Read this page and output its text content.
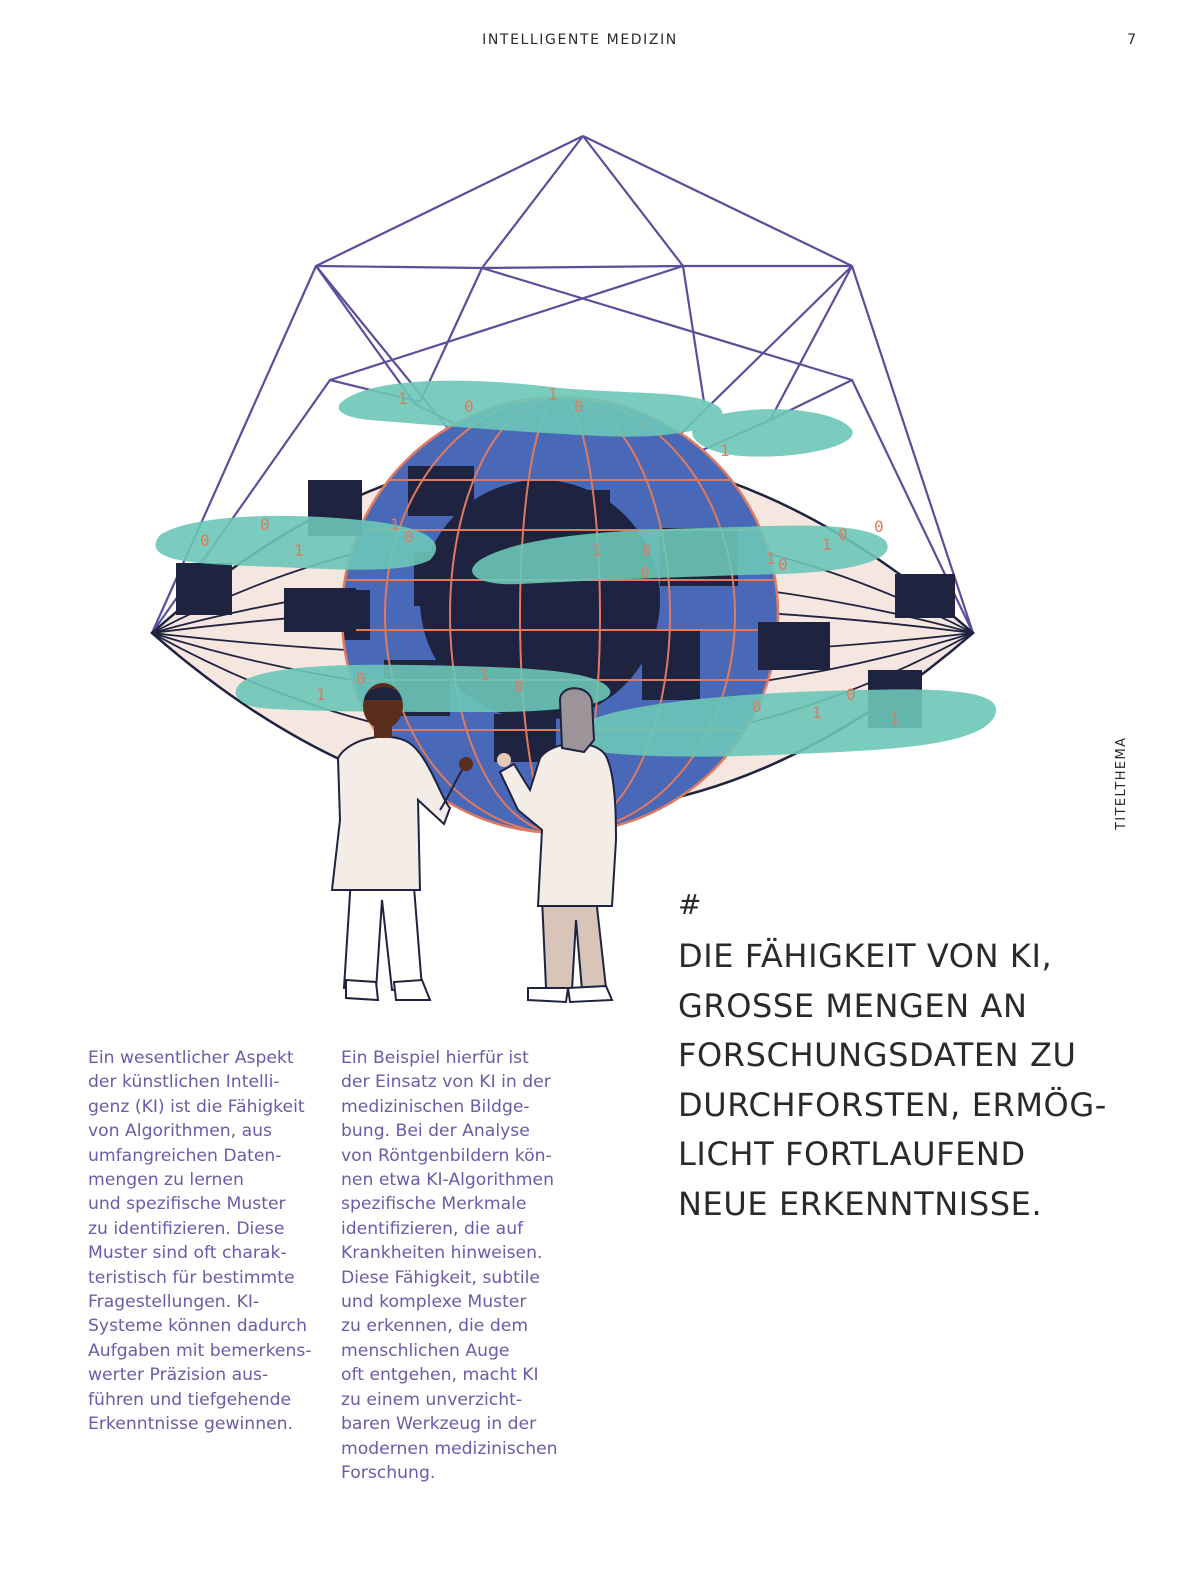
INTELLIGENTE MEDIZIN	7
TITELTHEMA
1	0
1
0
0
1
0	1
0
0
1
0
1 0
1
0 0
1
1
0	1
0
0	1
0
1

Ein wesentlicher Aspekt
der künstlichen Intelli-
genz (KI) ist die Fähigkeit
von Algorithmen, aus
umfangreichen Daten-
mengen zu lernen
und spezifische Muster
zu identifizieren. Diese
Muster sind oft charak-
teristisch für bestimmte
Fragestellungen. KI-
Systeme können dadurch
Aufgaben mit bemerkens-
werter Präzision aus-
führen und tiefgehende
Erkenntnisse gewinnen.

Ein Beispiel hierfür ist
der Einsatz von KI in der
medizinischen Bildge-
bung. Bei der Analyse
von Röntgenbildern kön-
nen etwa KI-Algorithmen
spezifische Merkmale
identifizieren, die auf
Krankheiten hinweisen.
Diese Fähigkeit, subtile
und komplexe Muster
zu erkennen, die dem
menschlichen Auge
oft entgehen, macht KI
zu einem unverzicht-
baren Werkzeug in der
modernen medizinischen
Forschung.

#
DIE FÄHIGKEIT VON KI,
GROSSE MENGEN AN
FORSCHUNGSDATEN ZU
DURCHFORSTEN, ERMÖG-
LICHT FORTLAUFEND
NEUE ERKENNTNISSE.
